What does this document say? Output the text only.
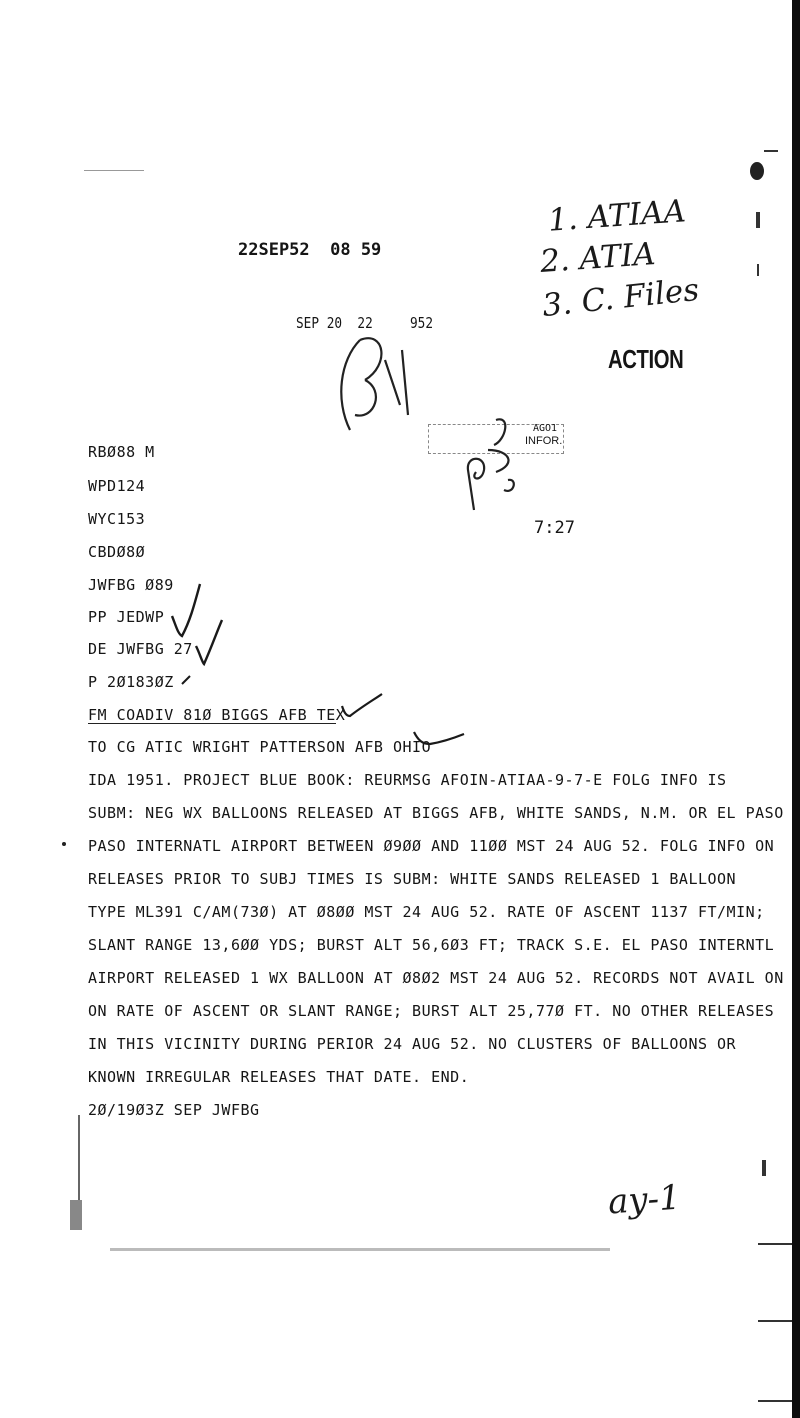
22SEP52  08 59
SEP 20  22 952
1. ATIAA
2. ATIA
3. C. Files
ACTION
AGO1
INFOR.
7:27
RBØ88 M
WPD124
WYC153
CBDØ8Ø
JWFBG Ø89
PP JEDWP
DE JWFBG 27
P 2Ø183ØZ
FM COADIV 81Ø BIGGS AFB TEX
TO CG ATIC WRIGHT PATTERSON AFB OHIO
IDA 1951. PROJECT BLUE BOOK: REURMSG AFOIN-ATIAA-9-7-E FOLG INFO IS
SUBM: NEG WX BALLOONS RELEASED AT BIGGS AFB, WHITE SANDS, N.M. OR EL PASO
PASO INTERNATL AIRPORT BETWEEN Ø9ØØ AND 11ØØ MST 24 AUG 52. FOLG INFO ON
RELEASES PRIOR TO SUBJ TIMES IS SUBM: WHITE SANDS RELEASED 1 BALLOON
TYPE ML391 C/AM(73Ø) AT Ø8ØØ MST 24 AUG 52. RATE OF ASCENT 1137 FT/MIN;
SLANT RANGE 13,6ØØ YDS; BURST ALT 56,6Ø3 FT; TRACK S.E. EL PASO INTERNTL
AIRPORT RELEASED 1 WX BALLOON AT Ø8Ø2 MST 24 AUG 52. RECORDS NOT AVAIL ON
ON RATE OF ASCENT OR SLANT RANGE; BURST ALT 25,77Ø FT. NO OTHER RELEASES
IN THIS VICINITY DURING PERIOR 24 AUG 52. NO CLUSTERS OF BALLOONS OR
KNOWN IRREGULAR RELEASES THAT DATE. END.
2Ø/19Ø3Z SEP JWFBG
ay-1
